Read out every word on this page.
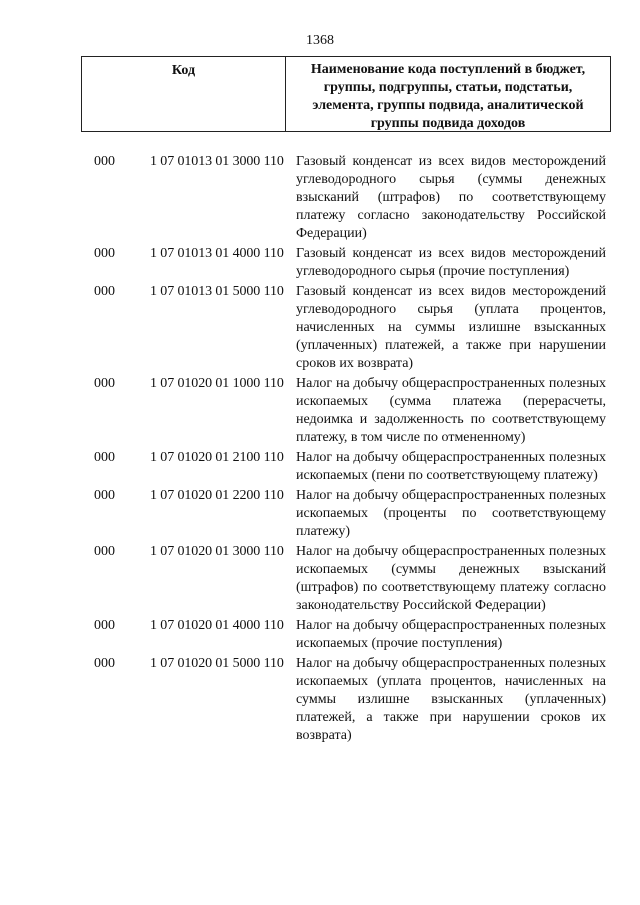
1368
Код	Наименование кода поступлений в бюджет, группы, подгруппы, статьи, подстатьи, элемента, группы подвида, аналитической группы подвида доходов
000	1 07 01013 01 3000 110 Газовый конденсат из всех видов месторождений углеводородного сырья (суммы денежных взысканий (штрафов) по соответствующему платежу согласно законодательству Российской Федерации)
000	1 07 01013 01 4000 110 Газовый конденсат из всех видов месторождений углеводородного сырья (прочие поступления)
000	1 07 01013 01 5000 110 Газовый конденсат из всех видов месторождений углеводородного сырья (уплата процентов, начисленных на суммы излишне взысканных (уплаченных) платежей, а также при нарушении сроков их возврата)
000	1 07 01020 01 1000 110 Налог на добычу общераспространенных полезных ископаемых (сумма платежа (перерасчеты, недоимка и задолженность по соответствующему платежу, в том числе по отмененному)
000	1 07 01020 01 2100 110 Налог на добычу общераспространенных полезных ископаемых (пени по соответствующему платежу)
000	1 07 01020 01 2200 110 Налог на добычу общераспространенных полезных ископаемых (проценты по соответствующему платежу)
000	1 07 01020 01 3000 110 Налог на добычу общераспространенных полезных ископаемых (суммы денежных взысканий (штрафов) по соответствующему платежу согласно законодательству Российской Федерации)
000	1 07 01020 01 4000 110 Налог на добычу общераспространенных полезных ископаемых (прочие поступления)
000	1 07 01020 01 5000 110 Налог на добычу общераспространенных полезных ископаемых (уплата процентов, начисленных на суммы излишне взысканных (уплаченных) платежей, а также при нарушении сроков их возврата)
